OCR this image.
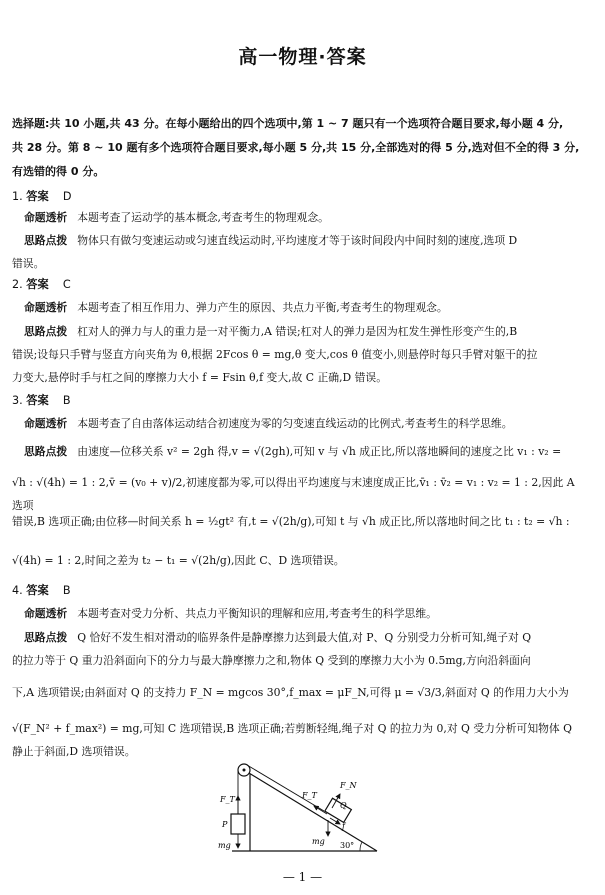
高一物理·答案
选择题:共 10 小题,共 43 分。在每小题给出的四个选项中,第 1 ~ 7 题只有一个选项符合题目要求,每小题 4 分,
共 28 分。第 8 ~ 10 题有多个选项符合题目要求,每小题 5 分,共 15 分,全部选对的得 5 分,选对但不全的得 3 分,
有选错的得 0 分。
1. 答案 D
命题透析 本题考查了运动学的基本概念,考查考生的物理观念。
思路点拨 物体只有做匀变速运动或匀速直线运动时,平均速度才等于该时间段内中间时刻的速度,选项 D
错误。
2. 答案 C
命题透析 本题考查了相互作用力、弹力产生的原因、共点力平衡,考查考生的物理观念。
思路点拨 杠对人的弹力与人的重力是一对平衡力,A 错误;杠对人的弹力是因为杠发生弹性形变产生的,B
错误;设每只手臂与竖直方向夹角为 θ,根据 2Fcos θ = mg,θ 变大,cos θ 值变小,则悬停时每只手臂对躯干的拉
力变大,悬停时手与杠之间的摩擦力大小 f = Fsin θ,f 变大,故 C 正确,D 错误。
3. 答案 B
命题透析 本题考查了自由落体运动结合初速度为零的匀变速直线运动的比例式,考查考生的科学思维。
思路点拨 由速度—位移关系 v² = 2gh 得,v = √(2gh),可知 v 与 √h 成正比,所以落地瞬间的速度之比 v₁ : v₂ =
√h : √(4h) = 1 : 2,v̄ = (v₀ + v)/2,初速度都为零,可以得出平均速度与末速度成正比,v̄₁ : v̄₂ = v₁ : v₂ = 1 : 2,因此 A 选项
错误,B 选项正确;由位移—时间关系 h = ½gt² 有,t = √(2h/g),可知 t 与 √h 成正比,所以落地时间之比 t₁ : t₂ = √h :
√(4h) = 1 : 2,时间之差为 t₂ − t₁ = √(2h/g),因此 C、D 选项错误。
4. 答案 B
命题透析 本题考查对受力分析、共点力平衡知识的理解和应用,考查考生的科学思维。
思路点拨 Q 恰好不发生相对滑动的临界条件是静摩擦力达到最大值,对 P、Q 分别受力分析可知,绳子对 Q
的拉力等于 Q 重力沿斜面向下的分力与最大静摩擦力之和,物体 Q 受到的摩擦力大小为 0.5mg,方向沿斜面向
下,A 选项错误;由斜面对 Q 的支持力 F_N = mgcos 30°,f_max = μF_N,可得 μ = √3/3,斜面对 Q 的作用力大小为
√(F_N² + f_max²) = mg,可知 C 选项错误,B 选项正确;若剪断轻绳,绳子对 Q 的拉力为 0,对 Q 受力分析可知物体 Q
静止于斜面,D 选项错误。
F_T
P
mg
F_T
F_N
Q
f
mg 30°
— 1 —
